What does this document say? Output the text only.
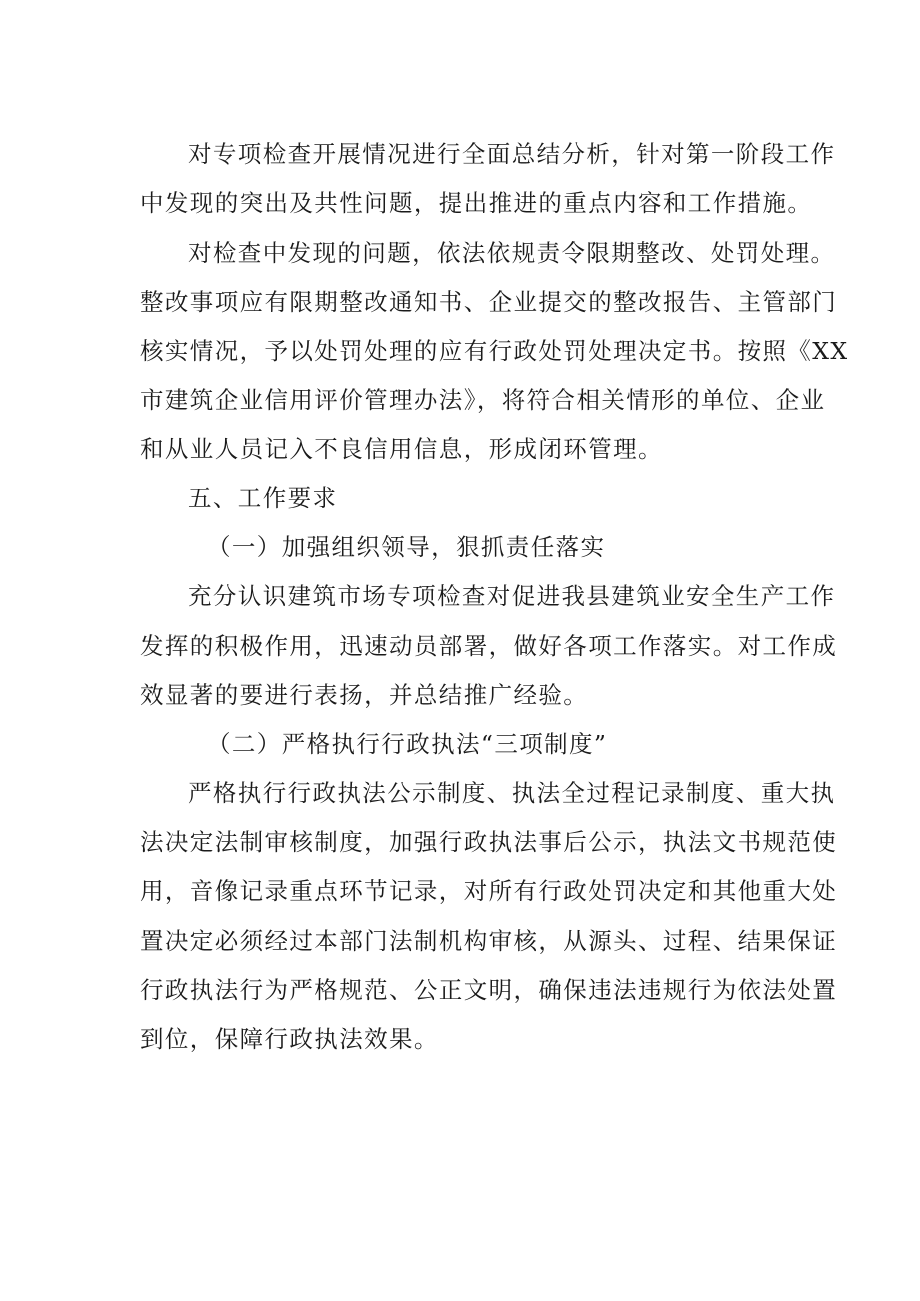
对专项检查开展情况进行全面总结分析，针对第一阶段工作
中发现的突出及共性问题，提出推进的重点内容和工作措施。
对检查中发现的问题，依法依规责令限期整改、处罚处理。
整改事项应有限期整改通知书、企业提交的整改报告、主管部门
核实情况，予以处罚处理的应有行政处罚处理决定书。按照《XX
市建筑企业信用评价管理办法》，将符合相关情形的单位、企业
和从业人员记入不良信用信息，形成闭环管理。
五、工作要求
（一）加强组织领导，狠抓责任落实
充分认识建筑市场专项检查对促进我县建筑业安全生产工作
发挥的积极作用，迅速动员部署，做好各项工作落实。对工作成
效显著的要进行表扬，并总结推广经验。
（二）严格执行行政执法“三项制度”
严格执行行政执法公示制度、执法全过程记录制度、重大执
法决定法制审核制度，加强行政执法事后公示，执法文书规范使
用，音像记录重点环节记录，对所有行政处罚决定和其他重大处
置决定必须经过本部门法制机构审核，从源头、过程、结果保证
行政执法行为严格规范、公正文明，确保违法违规行为依法处置
到位，保障行政执法效果。
